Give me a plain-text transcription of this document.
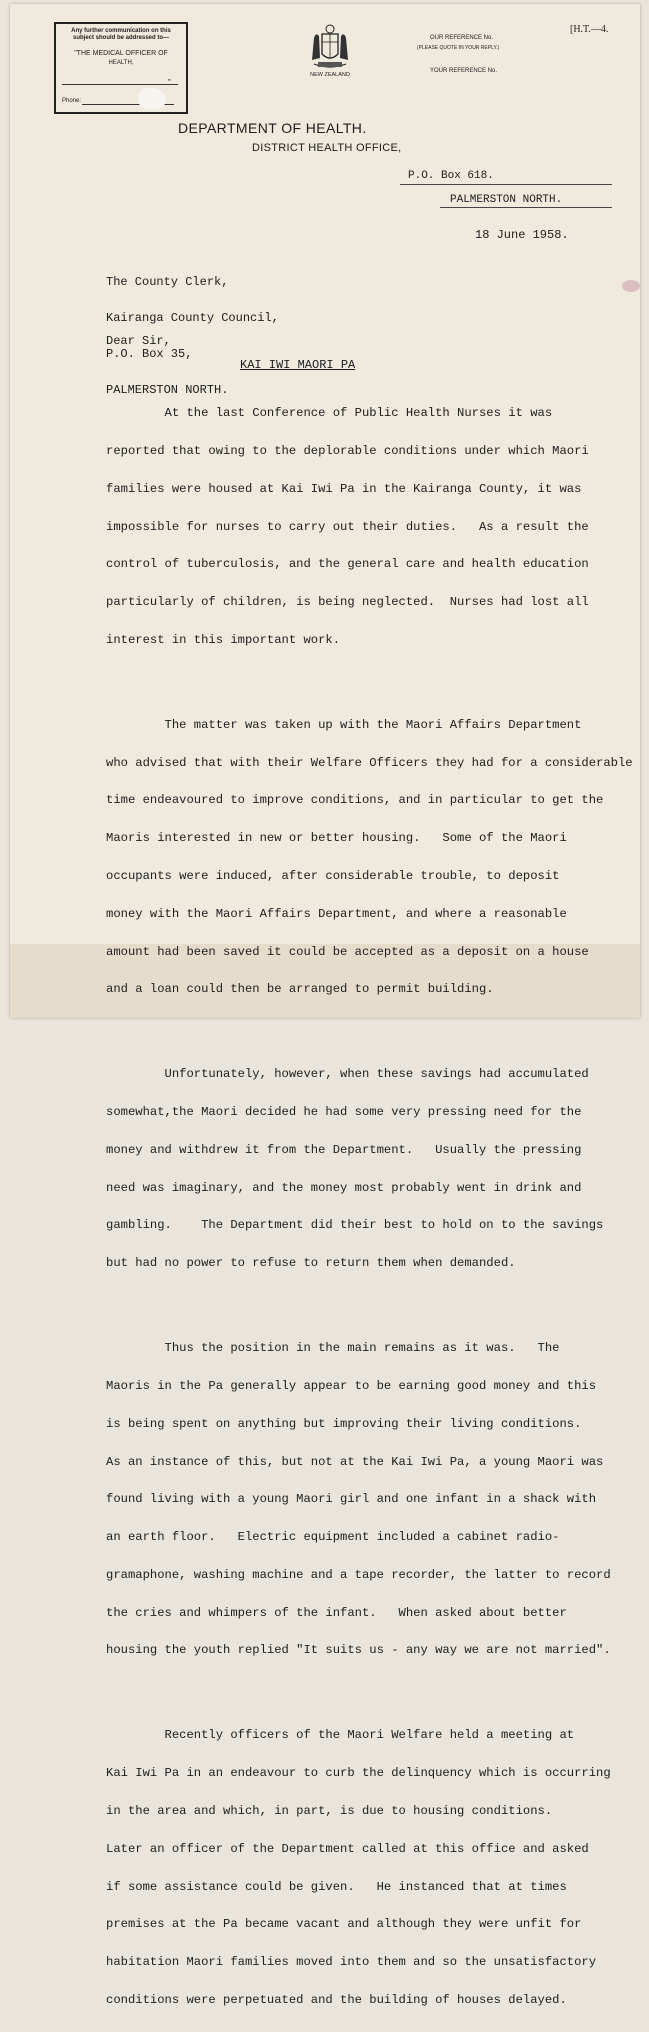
Any further communication on this
subject should be addressed to—
"THE MEDICAL OFFICER OF
HEALTH,
"
Phone:
NEW ZEALAND
OUR REFERENCE No.
(PLEASE QUOTE IN YOUR REPLY.)
YOUR REFERENCE No.
[H.T.—4.
DEPARTMENT OF HEALTH.
DISTRICT HEALTH OFFICE,
P.O. Box 618.
PALMERSTON NORTH.
18 June 1958.

The County Clerk,

Kairanga County Council,

P.O. Box 35,

PALMERSTON NORTH.

Dear Sir,
KAI IWI MAORI PA

At the last Conference of Public Health Nurses it was

reported that owing to the deplorable conditions under which Maori

families were housed at Kai Iwi Pa in the Kairanga County, it was

impossible for nurses to carry out their duties.   As a result the

control of tuberculosis, and the general care and health education

particularly of children, is being neglected.  Nurses had lost all

interest in this important work.

The matter was taken up with the Maori Affairs Department

who advised that with their Welfare Officers they had for a considerable

time endeavoured to improve conditions, and in particular to get the

Maoris interested in new or better housing.   Some of the Maori

occupants were induced, after considerable trouble, to deposit

money with the Maori Affairs Department, and where a reasonable

amount had been saved it could be accepted as a deposit on a house

and a loan could then be arranged to permit building.

Unfortunately, however, when these savings had accumulated

somewhat,the Maori decided he had some very pressing need for the

money and withdrew it from the Department.   Usually the pressing

need was imaginary, and the money most probably went in drink and

gambling.    The Department did their best to hold on to the savings

but had no power to refuse to return them when demanded.

Thus the position in the main remains as it was.   The

Maoris in the Pa generally appear to be earning good money and this

is being spent on anything but improving their living conditions.

As an instance of this, but not at the Kai Iwi Pa, a young Maori was

found living with a young Maori girl and one infant in a shack with

an earth floor.   Electric equipment included a cabinet radio-

gramaphone, washing machine and a tape recorder, the latter to record

the cries and whimpers of the infant.   When asked about better

housing the youth replied "It suits us - any way we are not married".

Recently officers of the Maori Welfare held a meeting at

Kai Iwi Pa in an endeavour to curb the delinquency which is occurring

in the area and which, in part, is due to housing conditions.

Later an officer of the Department called at this office and asked

if some assistance could be given.   He instanced that at times

premises at the Pa became vacant and although they were unfit for

habitation Maori families moved into them and so the unsatisfactory

conditions were perpetuated and the building of houses delayed.
